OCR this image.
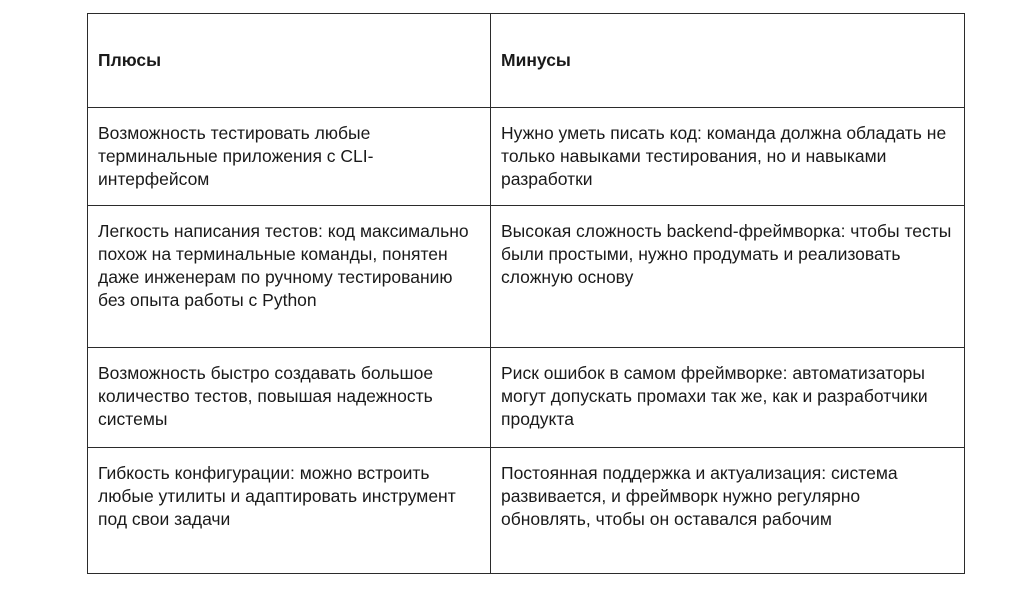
Плюсы	Минусы
Возможность тестировать любые терминальные приложения с CLI-интерфейсом	Нужно уметь писать код: команда должна обладать не только навыками тестирования, но и навыками разработки
Легкость написания тестов: код максимально похож на терминальные команды, понятен даже инженерам по ручному тестированию без опыта работы с Python	Высокая сложность backend-фреймворка: чтобы тесты были простыми, нужно продумать и реализовать сложную основу
Возможность быстро создавать большое количество тестов, повышая надежность системы	Риск ошибок в самом фреймворке: автоматизаторы могут допускать промахи так же, как и разработчики продукта
Гибкость конфигурации: можно встроить любые утилиты и адаптировать инструмент под свои задачи	Постоянная поддержка и актуализация: система развивается, и фреймворк нужно регулярно обновлять, чтобы он оставался рабочим
